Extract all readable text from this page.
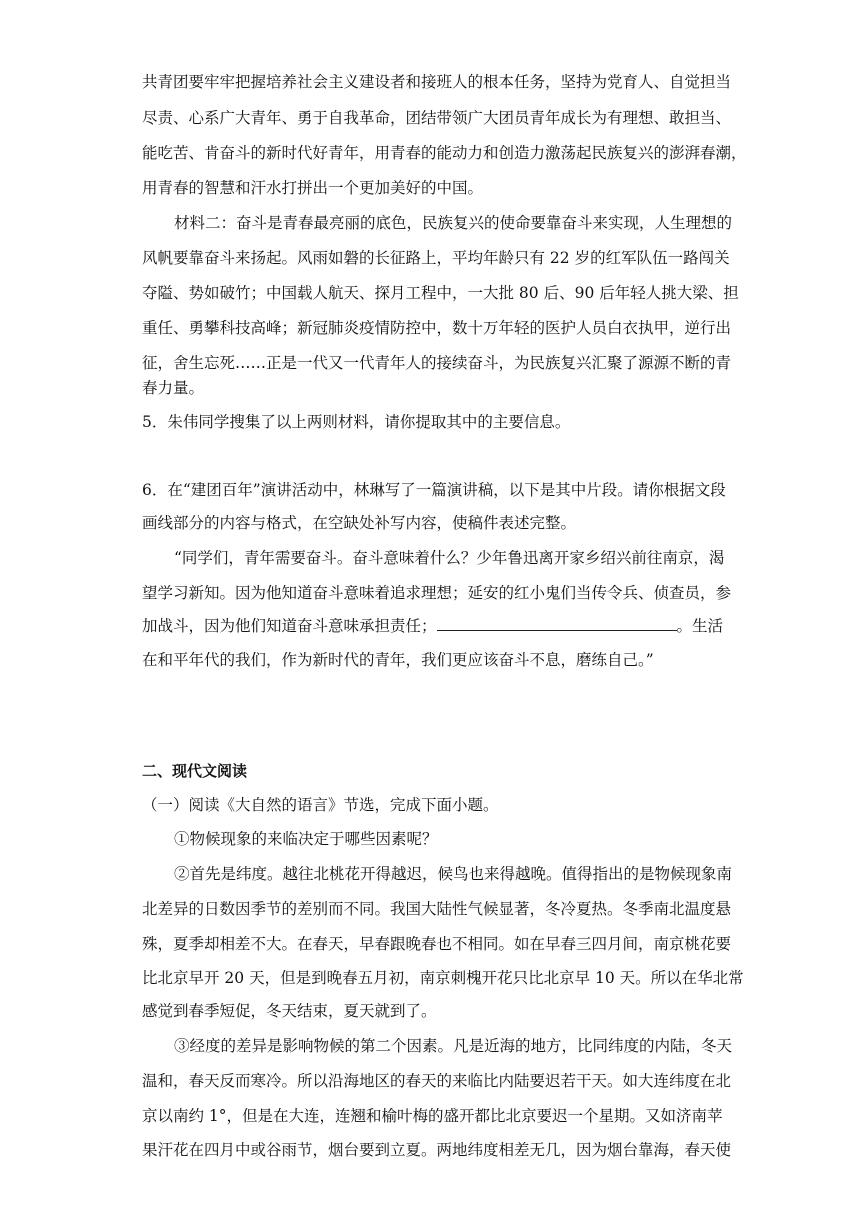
共青团要牢牢把握培养社会主义建设者和接班人的根本任务，坚持为党育人、自觉担当
尽责、心系广大青年、勇于自我革命，团结带领广大团员青年成长为有理想、敢担当、
能吃苦、肯奋斗的新时代好青年，用青春的能动力和创造力激荡起民族复兴的澎湃春潮，
用青春的智慧和汗水打拼出一个更加美好的中国。
材料二：奋斗是青春最亮丽的底色，民族复兴的使命要靠奋斗来实现，人生理想的
风帆要靠奋斗来扬起。风雨如磐的长征路上，平均年龄只有 22 岁的红军队伍一路闯关
夺隘、势如破竹；中国载人航天、探月工程中，一大批 80 后、90 后年轻人挑大梁、担
重任、勇攀科技高峰；新冠肺炎疫情防控中，数十万年轻的医护人员白衣执甲，逆行出
征，舍生忘死……正是一代又一代青年人的接续奋斗，为民族复兴汇聚了源源不断的青
春力量。
5．朱伟同学搜集了以上两则材料，请你提取其中的主要信息。
6．在“建团百年”演讲活动中，林琳写了一篇演讲稿，以下是其中片段。请你根据文段
画线部分的内容与格式，在空缺处补写内容，使稿件表述完整。
“同学们，青年需要奋斗。奋斗意味着什么？少年鲁迅离开家乡绍兴前往南京，渴
望学习新知。因为他知道奋斗意味着追求理想；延安的红小鬼们当传令兵、侦查员，参
加战斗，因为他们知道奋斗意味承担责任；	。生活
在和平年代的我们，作为新时代的青年，我们更应该奋斗不息，磨练自己。”
二、现代文阅读
（一）阅读《大自然的语言》节选，完成下面小题。
①物候现象的来临决定于哪些因素呢？
②首先是纬度。越往北桃花开得越迟，候鸟也来得越晚。值得指出的是物候现象南
北差异的日数因季节的差别而不同。我国大陆性气候显著，冬冷夏热。冬季南北温度悬
殊，夏季却相差不大。在春天，早春跟晚春也不相同。如在早春三四月间，南京桃花要
比北京早开 20 天，但是到晚春五月初，南京刺槐开花只比北京早 10 天。所以在华北常
感觉到春季短促，冬天结束，夏天就到了。
③经度的差异是影响物候的第二个因素。凡是近海的地方，比同纬度的内陆，冬天
温和，春天反而寒冷。所以沿海地区的春天的来临比内陆要迟若干天。如大连纬度在北
京以南约 1°，但是在大连，连翘和榆叶梅的盛开都比北京要迟一个星期。又如济南苹
果汗花在四月中或谷雨节，烟台要到立夏。两地纬度相差无几，因为烟台靠海，春天使
